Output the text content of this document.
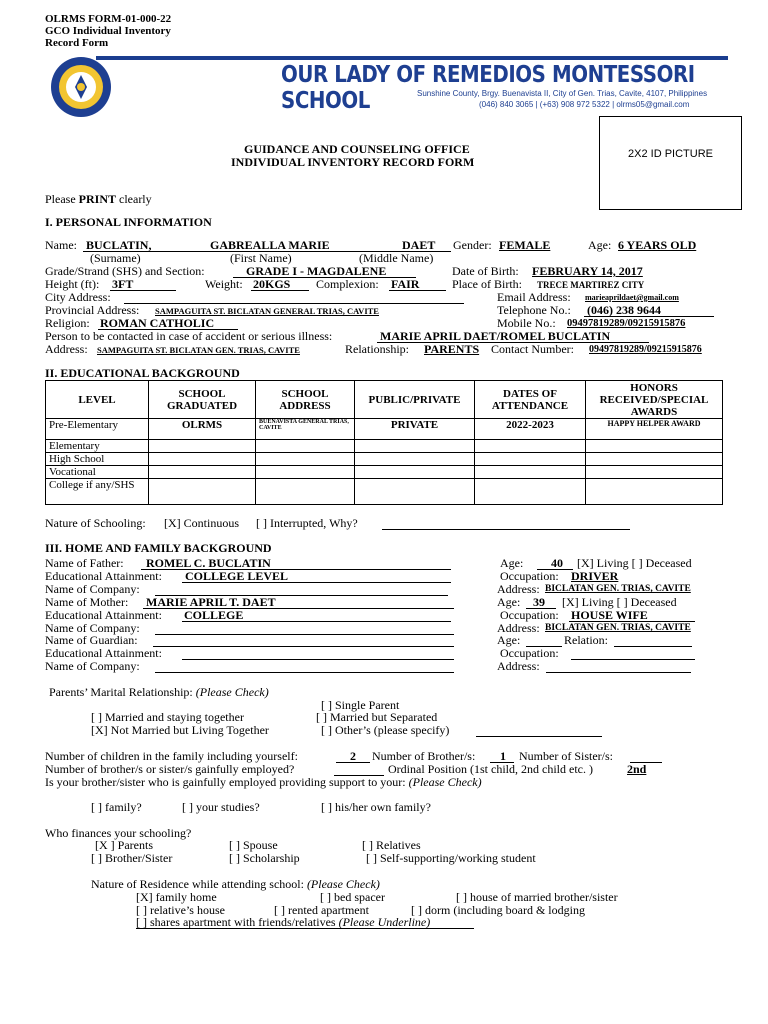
OLRMS FORM-01-000-22
GCO Individual Inventory
Record Form
OUR LADY OF REMEDIOS MONTESSORI SCHOOL	Sunshine County, Brgy. Buenavista II, City of Gen. Trias, Cavite, 4107, Philippines
(046) 840 3065 | (+63) 908 972 5322 | olrms05@gmail.com
GUIDANCE AND COUNSELING OFFICE
INDIVIDUAL INVENTORY RECORD FORM
2X2 ID PICTURE
Please PRINT clearly
I. PERSONAL INFORMATION
Name: BUCLATIN,	GABREALLA MARIE	DAET Gender: FEMALE	Age: 6 YEARS OLD
(Surname)	(First Name)	(Middle Name)
Grade/Strand (SHS) and Section:	GRADE I - MAGDALENE	Date of Birth: FEBRUARY 14, 2017
Height (ft): 3FT	Weight: 20KGS Complexion: FAIR	Place of Birth: TRECE MARTIREZ CITY
City Address:	Email Address: marieaprildaet@gmail.com
Provincial Address: SAMPAGUITA ST. BICLATAN GENERAL TRIAS, CAVITE	Telephone No.: (046) 238 9644
Religion: ROMAN CATHOLIC	Mobile No.: 09497819289/09215915876
Person to be contacted in case of accident or serious illness:	MARIE APRIL DAET/ROMEL BUCLATIN
Address: SAMPAGUITA ST. BICLATAN GEN. TRIAS, CAVITE	Relationship: PARENTS Contact Number: 09497819289/09215915876
II. EDUCATIONAL BACKGROUND
LEVEL	SCHOOL GRADUATED	SCHOOL ADDRESS	PUBLIC/PRIVATE	DATES OF ATTENDANCE	HONORS RECEIVED/SPECIAL AWARDS
Pre-Elementary	OLRMS	BUENAVISTA GENERAL TRIAS, CAVITE	PRIVATE	2022-2023	HAPPY HELPER AWARD
Elementary					
High School					
Vocational					
College if any/SHS					
Nature of Schooling: [X] Continuous [ ] Interrupted, Why?
III. HOME AND FAMILY BACKGROUND
Name of Father: ROMEL C. BUCLATIN	Age: 40 [X] Living [ ] Deceased
Educational Attainment: COLLEGE LEVEL	Occupation: DRIVER
Name of Company:	Address: BICLATAN GEN. TRIAS, CAVITE
Name of Mother: MARIE APRIL T. DAET	Age: 39 [X] Living [ ] Deceased
Educational Attainment: COLLEGE	Occupation: HOUSE WIFE
Name of Company:	Address: BICLATAN GEN. TRIAS, CAVITE
Name of Guardian:	Age:	Relation:
Educational Attainment:	Occupation:
Name of Company:	Address:
Parents’ Marital Relationship: (Please Check)
[ ] Single Parent
[ ] Married and staying together	[ ] Married but Separated
[X] Not Married but Living Together	[ ] Other’s (please specify)
Number of children in the family including yourself:	2 Number of Brother/s: 1 Number of Sister/s:
Number of brother/s or sister/s gainfully employed?	Ordinal Position (1st child, 2nd child etc. )	2nd
Is your brother/sister who is gainfully employed providing support to your: (Please Check)
[ ] family?	[ ] your studies?	[ ] his/her own family?
Who finances your schooling?
[X ] Parents	[ ] Spouse	[ ] Relatives
[ ] Brother/Sister	[ ] Scholarship	[ ] Self-supporting/working student
Nature of Residence while attending school: (Please Check)
[X] family home	[ ] bed spacer	[ ] house of married brother/sister
[ ] relative’s house	[ ] rented apartment	[ ] dorm (including board & lodging
[ ] shares apartment with friends/relatives (Please Underline)
